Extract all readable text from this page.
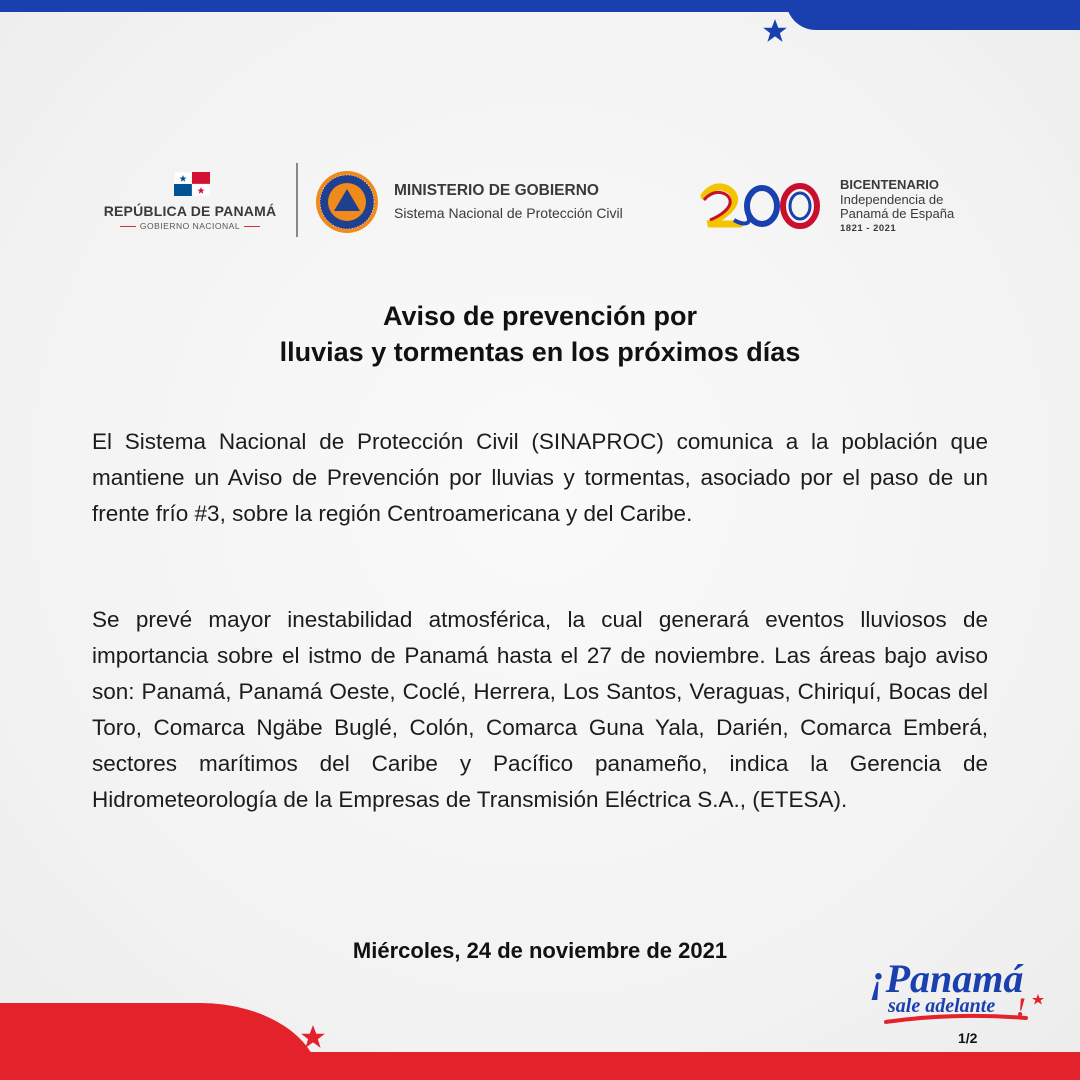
REPÚBLICA DE PANAMÁ
GOBIERNO NACIONAL
MINISTERIO DE GOBIERNO
Sistema Nacional de Protección Civil
BICENTENARIO
Independencia de
Panamá de España
1821 - 2021
Aviso de prevención por
lluvias y tormentas en los próximos días

El Sistema Nacional de Protección Civil (SINAPROC) comunica a la población que mantiene un Aviso de Prevención por lluvias y tormentas, asociado por el paso de un frente frío #3, sobre la región Centroamericana y del Caribe.

Se prevé mayor inestabilidad atmosférica, la cual generará eventos lluviosos de importancia sobre el istmo de Panamá hasta el 27 de noviembre. Las áreas bajo aviso son: Panamá, Panamá Oeste, Coclé, Herrera, Los Santos, Veraguas, Chiriquí, Bocas del Toro, Comarca Ngäbe Buglé, Colón, Comarca Guna Yala, Darién, Comarca Emberá, sectores marítimos del Caribe y Pacífico panameño, indica la Gerencia de Hidrometeorología de la Empresas de Transmisión Eléctrica S.A., (ETESA).

Miércoles, 24 de noviembre de 2021
¡Panamá
sale adelante !
1/2
